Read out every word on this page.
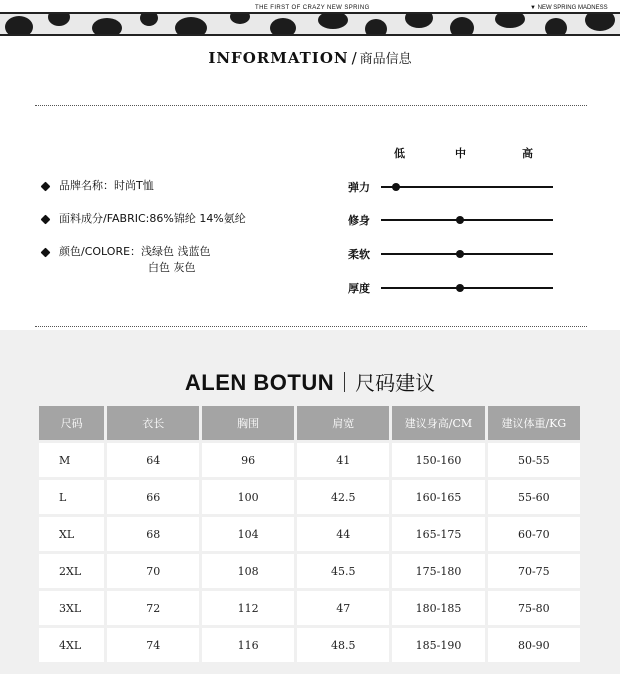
THE FIRST OF CRAZY NEW SPRING	▼ NEW SPRING MADNESS
INFORMATION / 商品信息
品牌名称：时尚T恤
面料成分/FABRIC:86%锦纶 14%氨纶
颜色/COLORE：浅绿色 浅蓝色
白色 灰色
低	中	高
弹力
修身
柔软
厚度
ALEN BOTUN 尺码建议
尺码	衣长	胸围	肩宽	建议身高/CM	建议体重/KG
M	64	96	41	150-160	50-55
L	66	100	42.5	160-165	55-60
XL	68	104	44	165-175	60-70
2XL	70	108	45.5	175-180	70-75
3XL	72	112	47	180-185	75-80
4XL	74	116	48.5	185-190	80-90
